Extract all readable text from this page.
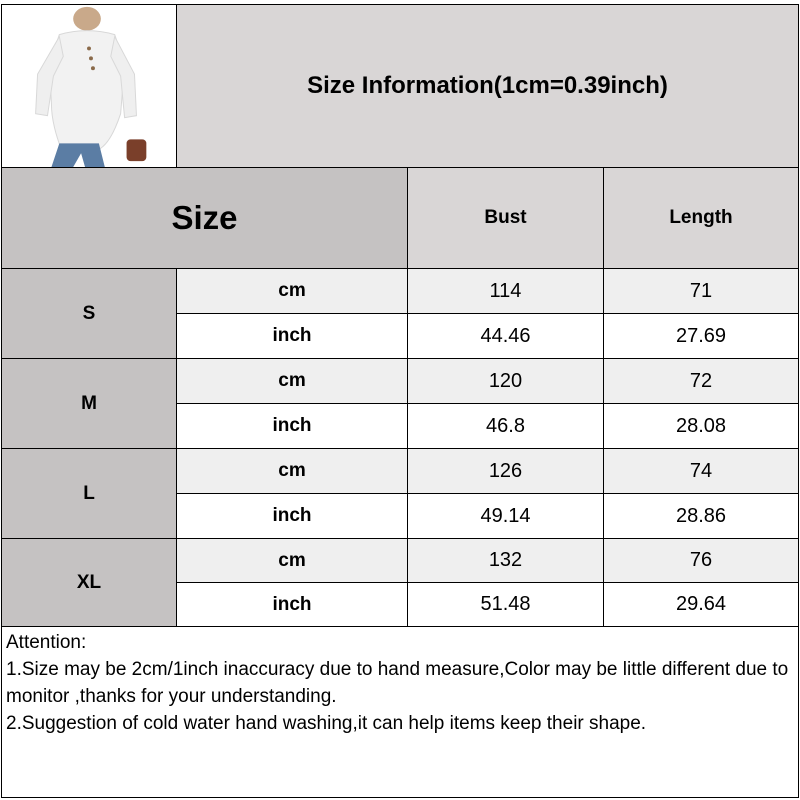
Size Information(1cm=0.39inch)
Size	Bust	Length
S
cm	114	71
inch	44.46	27.69
M
cm	120	72
inch	46.8	28.08
L
cm	126	74
inch	49.14	28.86
XL
cm	132	76
inch	51.48	29.64

Attention:

1.Size may be 2cm/1inch inaccuracy due to hand measure,Color may be little different due to monitor ,thanks for your understanding.

2.Suggestion of cold water hand washing,it can help items keep their shape.
